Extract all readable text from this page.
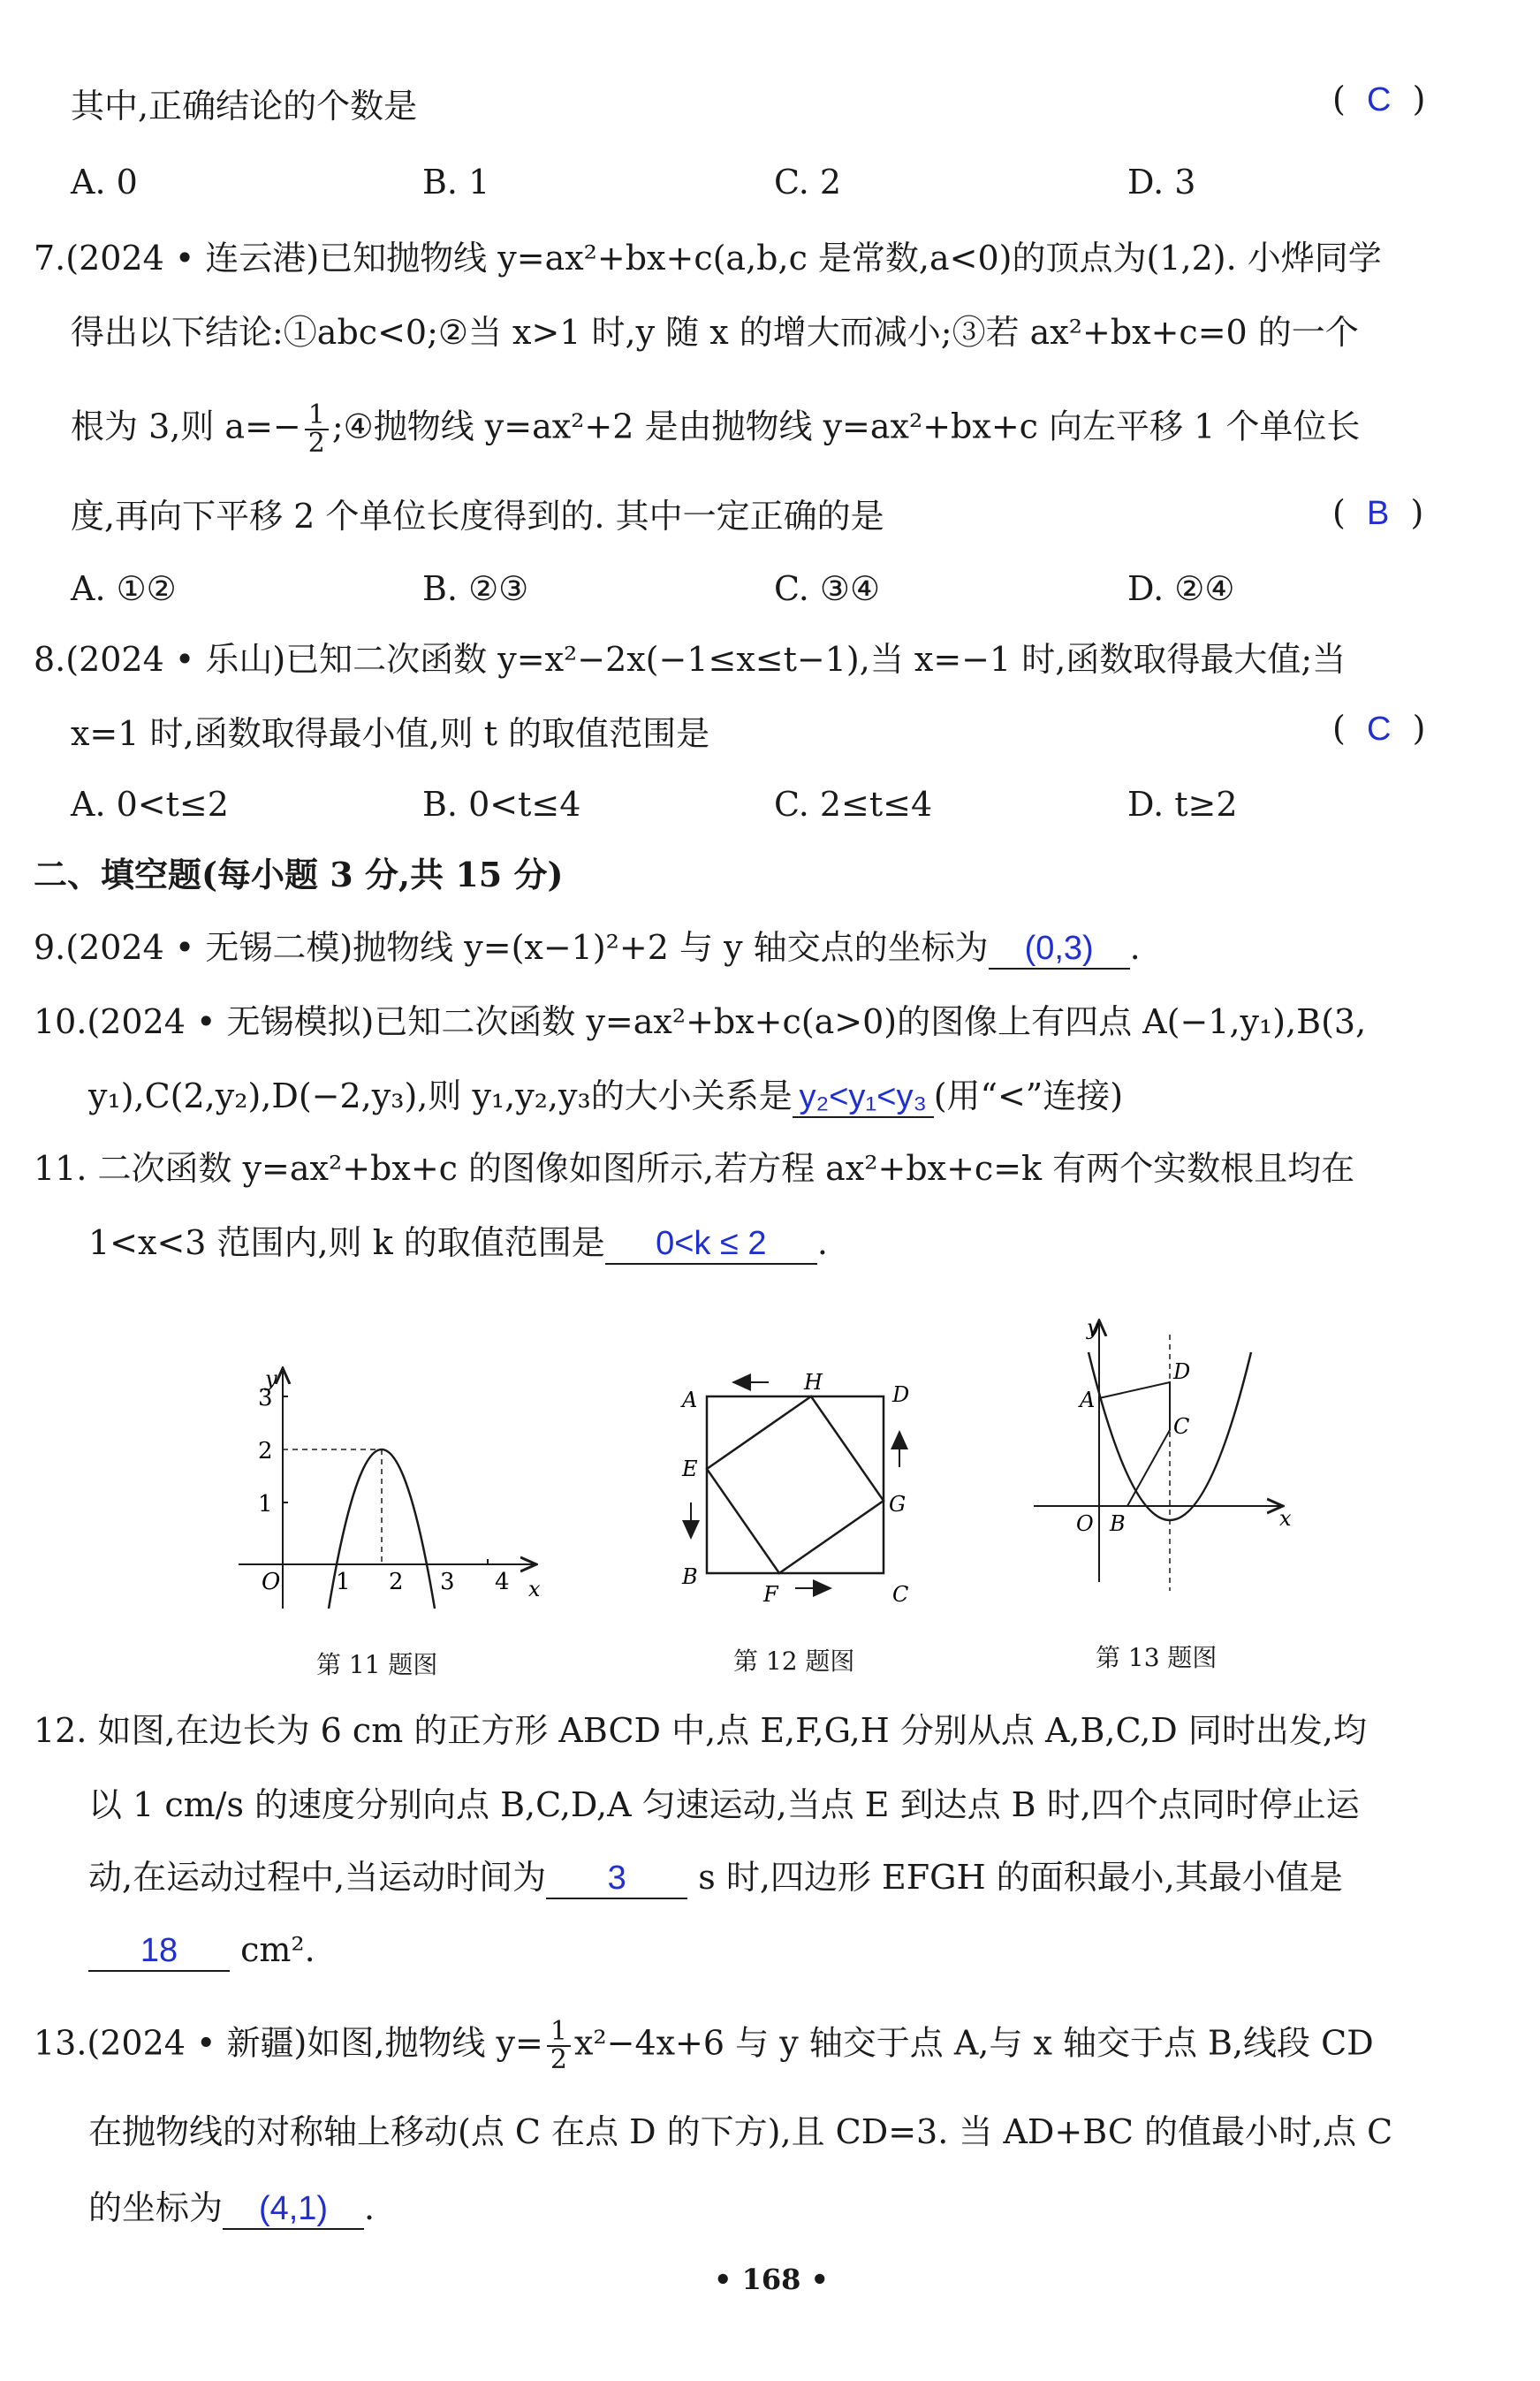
其中,正确结论的个数是	(  C  )
A. 0	B. 1	C. 2	D. 3
7.(2024 • 连云港)已知抛物线 y=ax²+bx+c(a,b,c 是常数,a<0)的顶点为(1,2). 小烨同学
得出以下结论:①abc<0;②当 x>1 时,y 随 x 的增大而减小;③若 ax²+bx+c=0 的一个
根为 3,则 $a=- \frac{1}{2}$ ;④抛物线 y=ax²+2 是由抛物线 y=ax²+bx+c 向左平移 1 个单位长
度,再向下平移 2 个单位长度得到的. 其中一定正确的是	(  B  )
A. ①②	B. ②③	C. ③④	D. ②④
8.(2024 • 乐山)已知二次函数 y=x²−2x(−1≤x≤t−1),当 x=−1 时,函数取得最大值;当
x=1 时,函数取得最小值,则 t 的取值范围是	(  C  )
A. 0<t≤2	B. 0<t≤4	C. 2≤t≤4	D. t≥2
二、填空题(每小题 3 分,共 15 分)
9.(2024 • 无锡二模)抛物线 y=(x−1)²+2 与 y 轴交点的坐标为 (0,3) .
10.(2024 • 无锡模拟)已知二次函数 y=ax²+bx+c(a>0)的图像上有四点 A(−1,y₁),B(3,
y₁),C(2,y₂),D(−2,y₃),则 y₁,y₂,y₃的大小关系是 y₂<y₁<y₃ (用“<”连接)
11. 二次函数 y=ax²+bx+c 的图像如图所示,若方程 ax²+bx+c=k 有两个实数根且均在
1<x<3 范围内,则 k 的取值范围是 0<k ≤ 2 .
y
x
O 1 2 3 4
1
2
3
第 11 题图
A
B
C
D
E
F
G
H
第 12 题图
y
x
O
A
B
C
D
第 13 题图
12. 如图,在边长为 6 cm 的正方形 ABCD 中,点 E,F,G,H 分别从点 A,B,C,D 同时出发,均
以 1 cm/s 的速度分别向点 B,C,D,A 匀速运动,当点 E 到达点 B 时,四个点同时停止运
动,在运动过程中,当运动时间为 3 s 时,四边形 EFGH 的面积最小,其最小值是
18 cm².
13.(2024 • 新疆)如图,抛物线 $y= \frac{1}{2} x^2-4x+6$ 与 y 轴交于点 A,与 x 轴交于点 B,线段 CD
在抛物线的对称轴上移动(点 C 在点 D 的下方),且 CD=3. 当 AD+BC 的值最小时,点 C
的坐标为 (4,1) .
• 168 •
